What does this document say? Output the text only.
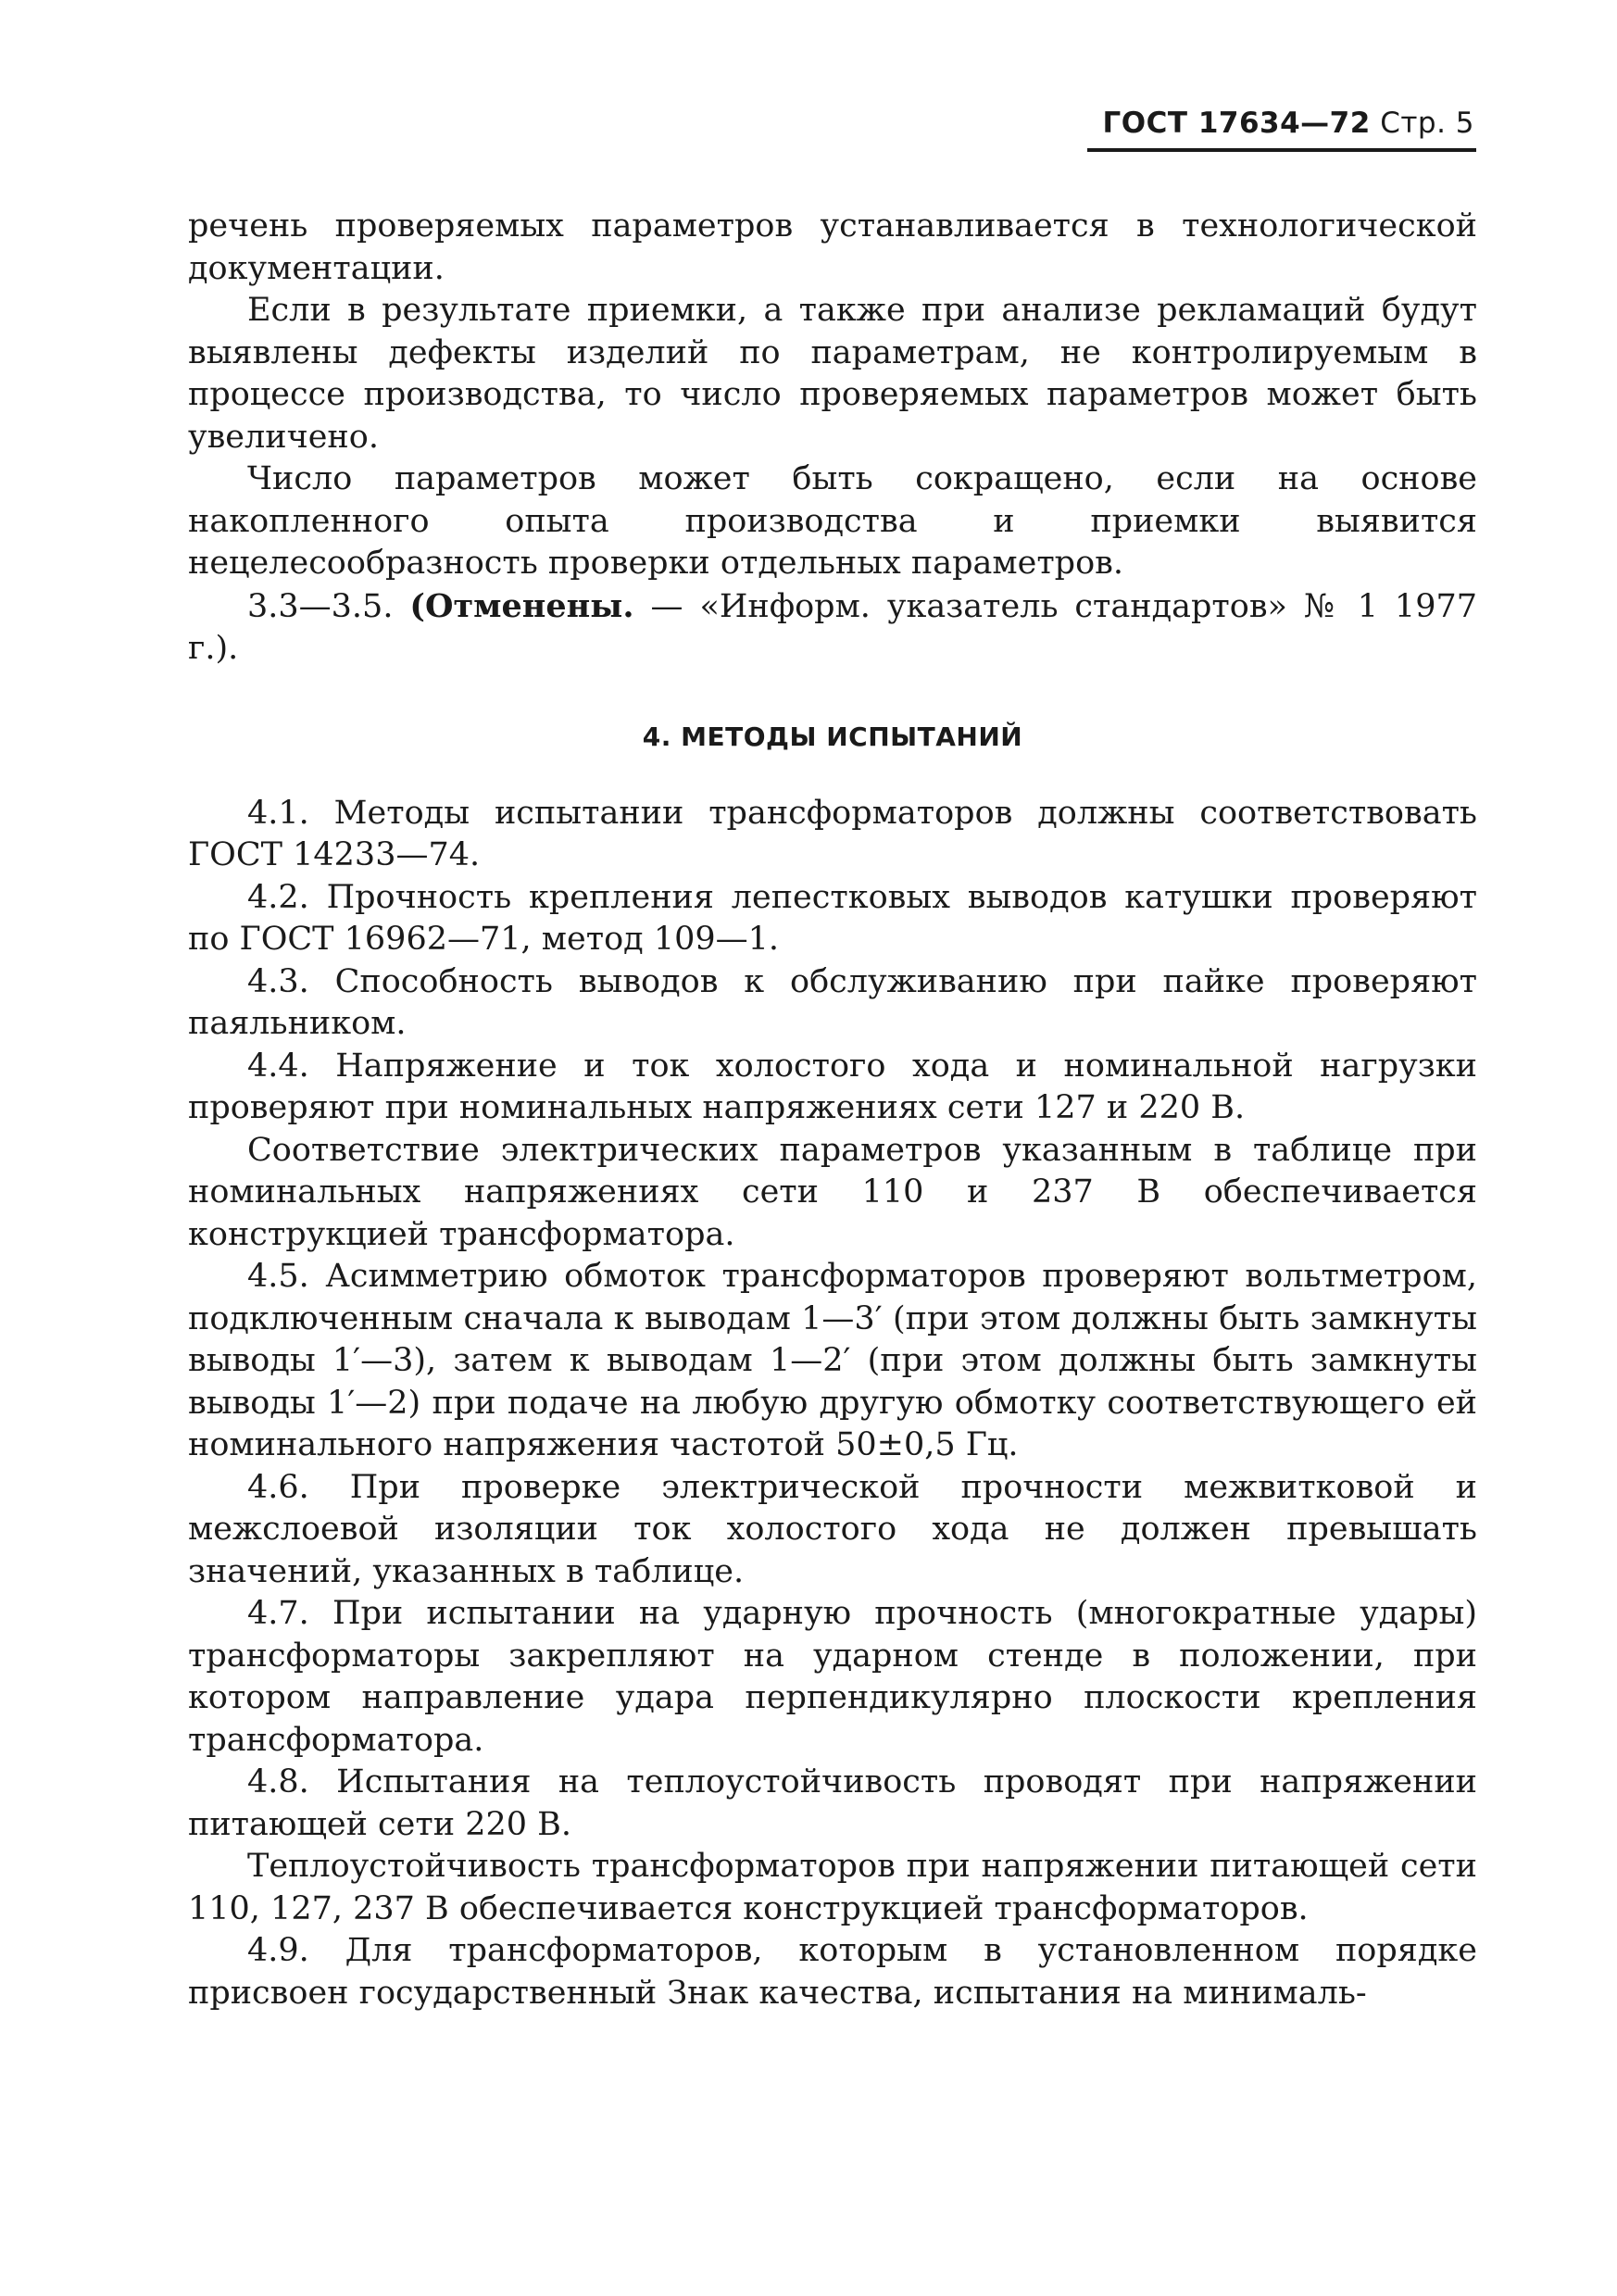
ГОСТ 17634—72 Стр. 5

речень проверяемых параметров устанавливается в технологической документации.

Если в результате приемки, а также при анализе рекламаций будут выявлены дефекты изделий по параметрам, не контролируемым в процессе производства, то число проверяемых параметров может быть увеличено.

Число параметров может быть сокращено, если на основе накопленного опыта производства и приемки выявится нецелесообразность проверки отдельных параметров.

3.3—3.5. (Отменены. — «Информ. указатель стандартов» № 1 1977 г.).

4. МЕТОДЫ ИСПЫТАНИЙ

4.1. Методы испытании трансформаторов должны соответствовать ГОСТ 14233—74.

4.2. Прочность крепления лепестковых выводов катушки проверяют по ГОСТ 16962—71, метод 109—1.

4.3. Способность выводов к обслуживанию при пайке проверяют паяльником.

4.4. Напряжение и ток холостого хода и номинальной нагрузки проверяют при номинальных напряжениях сети 127 и 220 В.

Соответствие электрических параметров указанным в таблице при номинальных напряжениях сети 110 и 237 В обеспечивается конструкцией трансформатора.

4.5. Асимметрию обмоток трансформаторов проверяют вольтметром, подключенным сначала к выводам 1—3′ (при этом должны быть замкнуты выводы 1′—3), затем к выводам 1—2′ (при этом должны быть замкнуты выводы 1′—2) при подаче на любую другую обмотку соответствующего ей номинального напряжения частотой 50±0,5 Гц.

4.6. При проверке электрической прочности межвитковой и межслоевой изоляции ток холостого хода не должен превышать значений, указанных в таблице.

4.7. При испытании на ударную прочность (многократные удары) трансформаторы закрепляют на ударном стенде в положении, при котором направление удара перпендикулярно плоскости крепления трансформатора.

4.8. Испытания на теплоустойчивость проводят при напряжении питающей сети 220 В.

Теплоустойчивость трансформаторов при напряжении питающей сети 110, 127, 237 В обеспечивается конструкцией трансформаторов.

4.9. Для трансформаторов, которым в установленном порядке присвоен государственный Знак качества, испытания на минималь-
